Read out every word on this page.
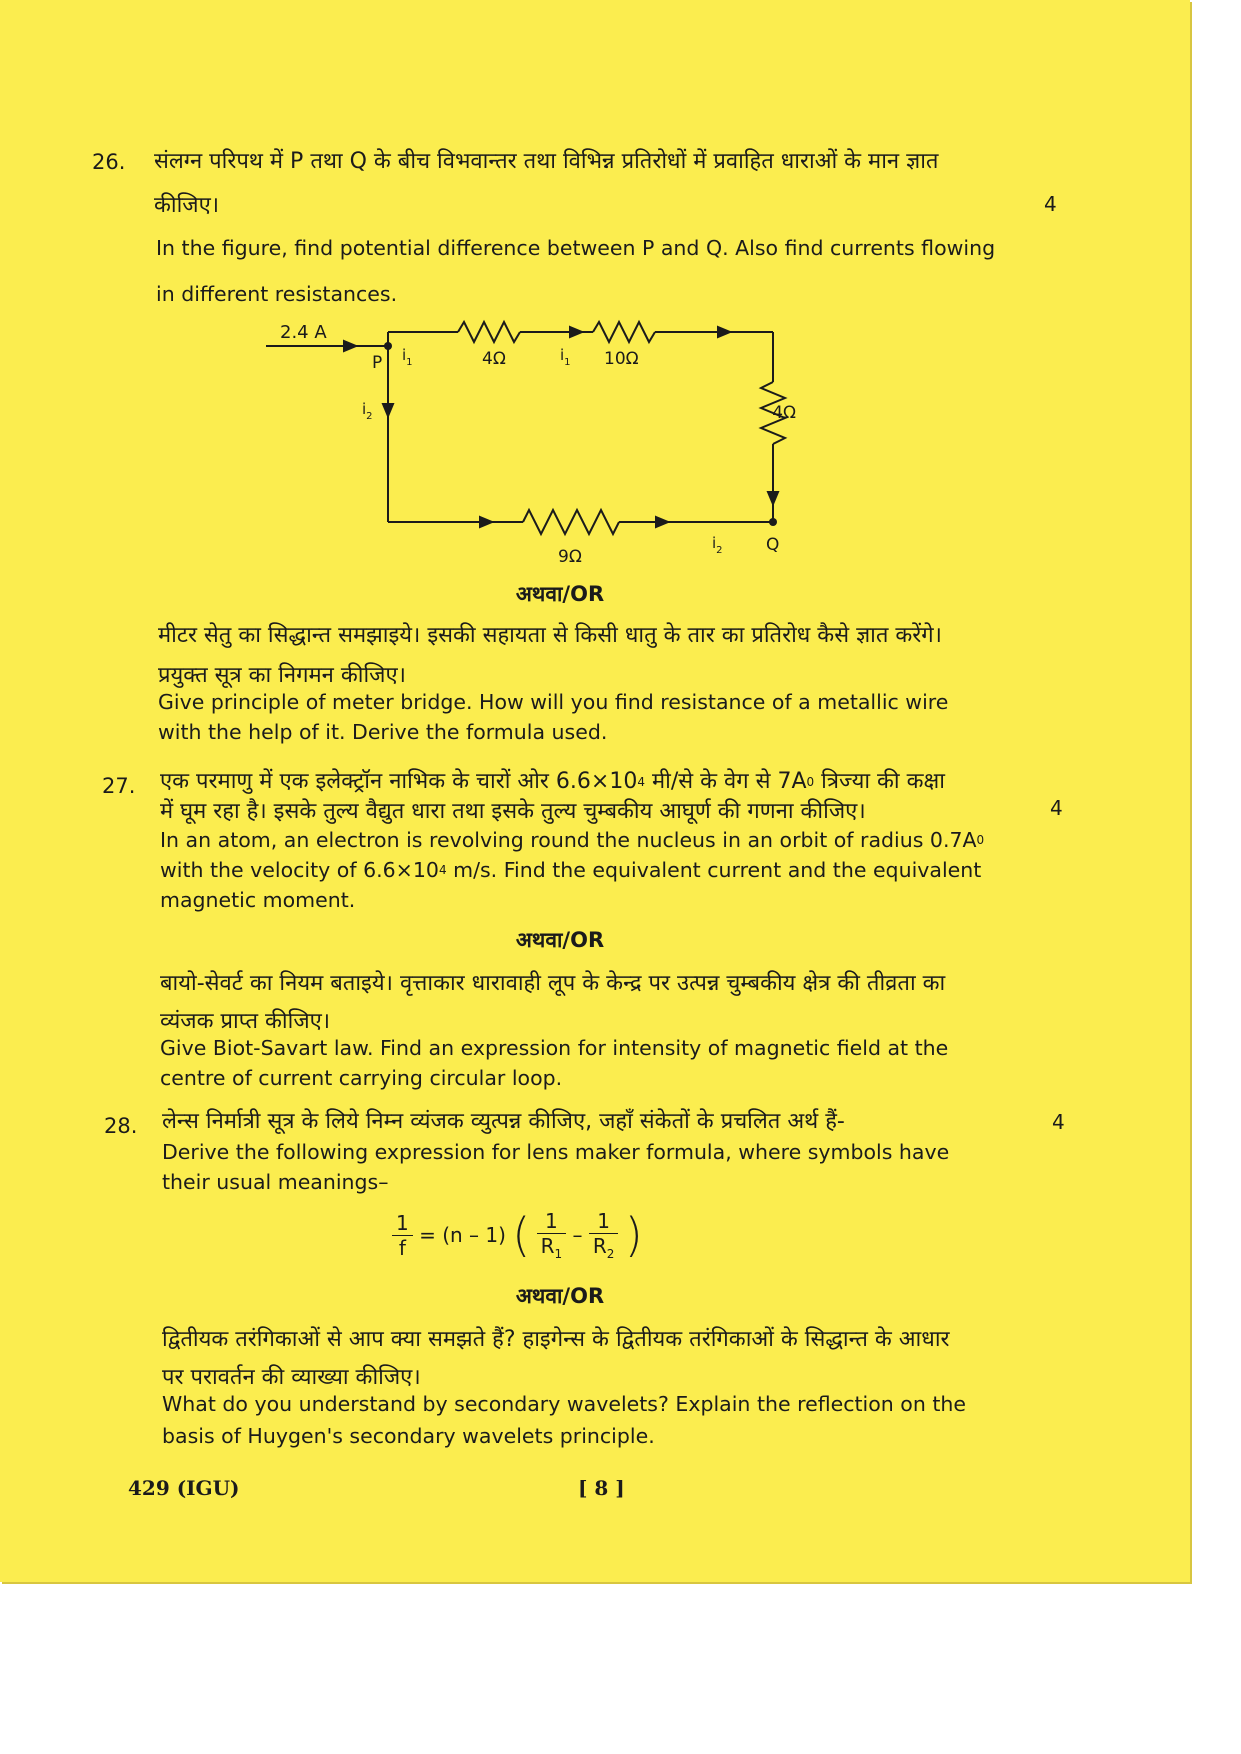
26. संलग्न परिपथ में P तथा Q के बीच विभवान्तर तथा विभिन्न प्रतिरोधों में प्रवाहित धाराओं के मान ज्ञात
कीजिए।	4
In the figure, find potential difference between P and Q. Also find currents flowing
in different resistances.
2.4 A
P
Q
$i_1$	$i_1$
$i_2$
$i_2$
4Ω	10Ω
4Ω
9Ω
अथवा/OR
मीटर सेतु का सिद्धान्त समझाइये। इसकी सहायता से किसी धातु के तार का प्रतिरोध कैसे ज्ञात करेंगे।
प्रयुक्त सूत्र का निगमन कीजिए।
Give principle of meter bridge. How will you find resistance of a metallic wire
with the help of it. Derive the formula used.
27. एक परमाणु में एक इलेक्ट्रॉन नाभिक के चारों ओर $6.6\times 10^4$ मी/से के वेग से $7A^0$ त्रिज्या की कक्षा
में घूम रहा है। इसके तुल्य वैद्युत धारा तथा इसके तुल्य चुम्बकीय आघूर्ण की गणना कीजिए।	4
In an atom, an electron is revolving round the nucleus in an orbit of radius $0.7A^0$
with the velocity of $6.6\times 10^4$ m/s. Find the equivalent current and the equivalent
magnetic moment.
अथवा/OR
बायो-सेवर्ट का नियम बताइये। वृत्ताकार धारावाही लूप के केन्द्र पर उत्पन्न चुम्बकीय क्षेत्र की तीव्रता का
व्यंजक प्राप्त कीजिए।
Give Biot-Savart law. Find an expression for intensity of magnetic field at the
centre of current carrying circular loop.
28. लेन्स निर्मात्री सूत्र के लिये निम्न व्यंजक व्युत्पन्न कीजिए, जहाँ संकेतों के प्रचलित अर्थ हैं-	4
Derive the following expression for lens maker formula, where symbols have
their usual meanings–
$\frac{1}{f} = (n - 1)$ ( $\frac{1}{R_1} - \frac{1}{R_2}$ )
अथवा/OR
द्वितीयक तरंगिकाओं से आप क्या समझते हैं? हाइगेन्स के द्वितीयक तरंगिकाओं के सिद्धान्त के आधार
पर परावर्तन की व्याख्या कीजिए।
What do you understand by secondary wavelets? Explain the reflection on the
basis of Huygen's secondary wavelets principle.
429 (IGU)	[ 8 ]
